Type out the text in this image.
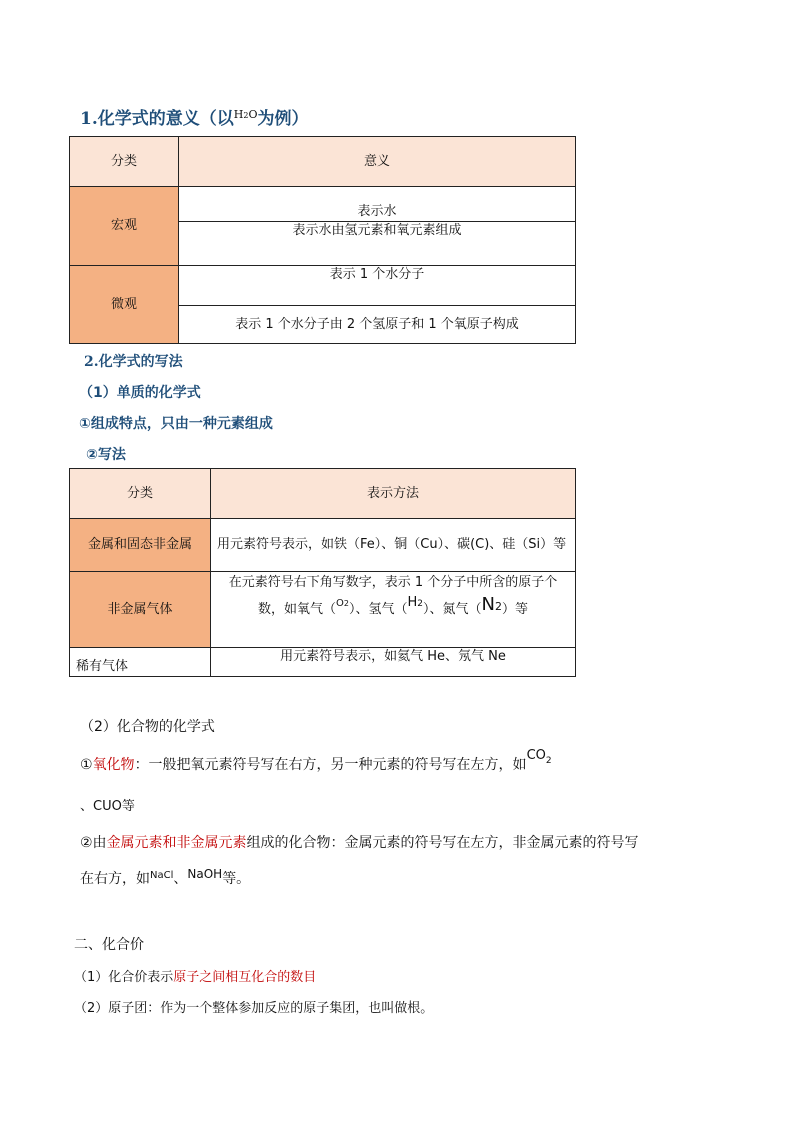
1.化学式的意义（以$^{H2O}$为例）
分类	意义
宏观	表示水
	表示水由氢元素和氧元素组成
微观	表示 1 个水分子
	表示 1 个水分子由 2 个氢原子和 1 个氧原子构成
2.化学式的写法
（1）单质的化学式
①组成特点，只由一种元素组成
②写法
分类	表示方法
金属和固态非金属	用元素符号表示，如铁（Fe）、铜（Cu）、碳(C)、硅（Si）等
非金属气体	在元素符号右下角写数字，表示 1 个分子中所含的原子个
数，如氧气（$^{O2}$）、氢气（H2）、氮气（N2）等

稀有气体	用元素符号表示，如氦气 He、氖气 Ne
（2）化合物的化学式
①氧化物：一般把氧元素符号写在右方，另一种元素的符号写在左方，如$CO_2$
、CUO等
②由金属元素和非金属元素组成的化合物：金属元素的符号写在左方，非金属元素的符号写
在右方，如$^{NaCl}$、NaOH等。
二、化合价
（1）化合价表示原子之间相互化合的数目
（2）原子团：作为一个整体参加反应的原子集团，也叫做根。
